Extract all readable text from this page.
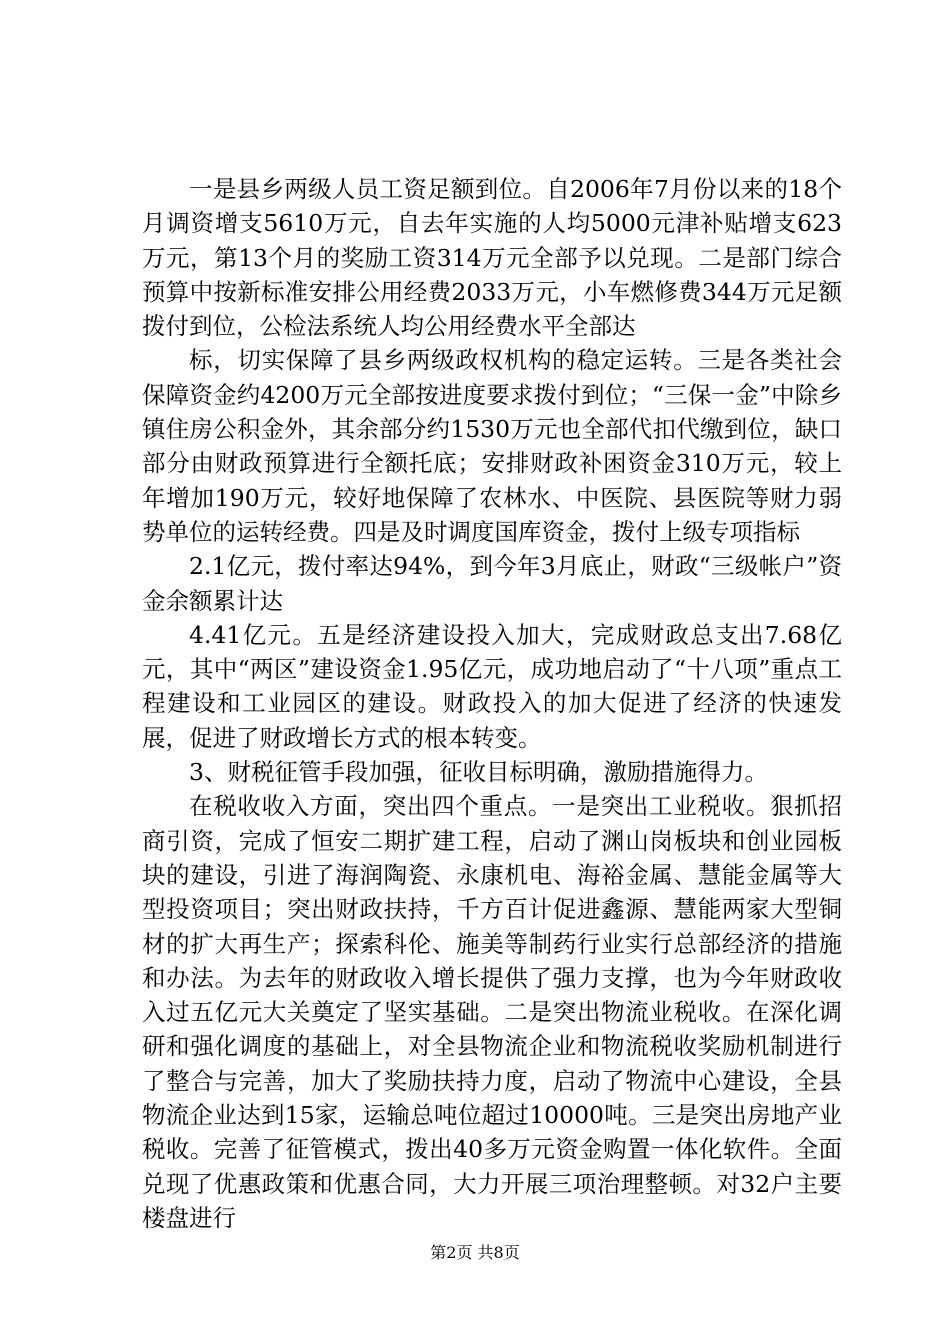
一是县乡两级人员工资足额到位。自2006年7月份以来的18个月调资增支5610万元，自去年实施的人均5000元津补贴增支623万元，第13个月的奖励工资314万元全部予以兑现。二是部门综合预算中按新标准安排公用经费2033万元，小车燃修费344万元足额拨付到位，公检法系统人均公用经费水平全部达

标，切实保障了县乡两级政权机构的稳定运转。三是各类社会保障资金约4200万元全部按进度要求拨付到位；“三保一金”中除乡镇住房公积金外，其余部分约1530万元也全部代扣代缴到位，缺口部分由财政预算进行全额托底；安排财政补困资金310万元，较上年增加190万元，较好地保障了农林水、中医院、县医院等财力弱势单位的运转经费。四是及时调度国库资金，拨付上级专项指标

2.1亿元，拨付率达94%，到今年3月底止，财政“三级帐户”资金余额累计达

4.41亿元。五是经济建设投入加大，完成财政总支出7.68亿元，其中“两区”建设资金1.95亿元，成功地启动了“十八项”重点工程建设和工业园区的建设。财政投入的加大促进了经济的快速发展，促进了财政增长方式的根本转变。

3、财税征管手段加强，征收目标明确，激励措施得力。

在税收收入方面，突出四个重点。一是突出工业税收。狠抓招商引资，完成了恒安二期扩建工程，启动了渊山岗板块和创业园板块的建设，引进了海润陶瓷、永康机电、海裕金属、慧能金属等大型投资项目；突出财政扶持，千方百计促进鑫源、慧能两家大型铜材的扩大再生产；探索科伦、施美等制药行业实行总部经济的措施和办法。为去年的财政收入增长提供了强力支撑，也为今年财政收入过五亿元大关奠定了坚实基础。二是突出物流业税收。在深化调研和强化调度的基础上，对全县物流企业和物流税收奖励机制进行了整合与完善，加大了奖励扶持力度，启动了物流中心建设，全县物流企业达到15家，运输总吨位超过10000吨。三是突出房地产业税收。完善了征管模式，拨出40多万元资金购置一体化软件。全面兑现了优惠政策和优惠合同，大力开展三项治理整顿。对32户主要楼盘进行

第2页 共8页
